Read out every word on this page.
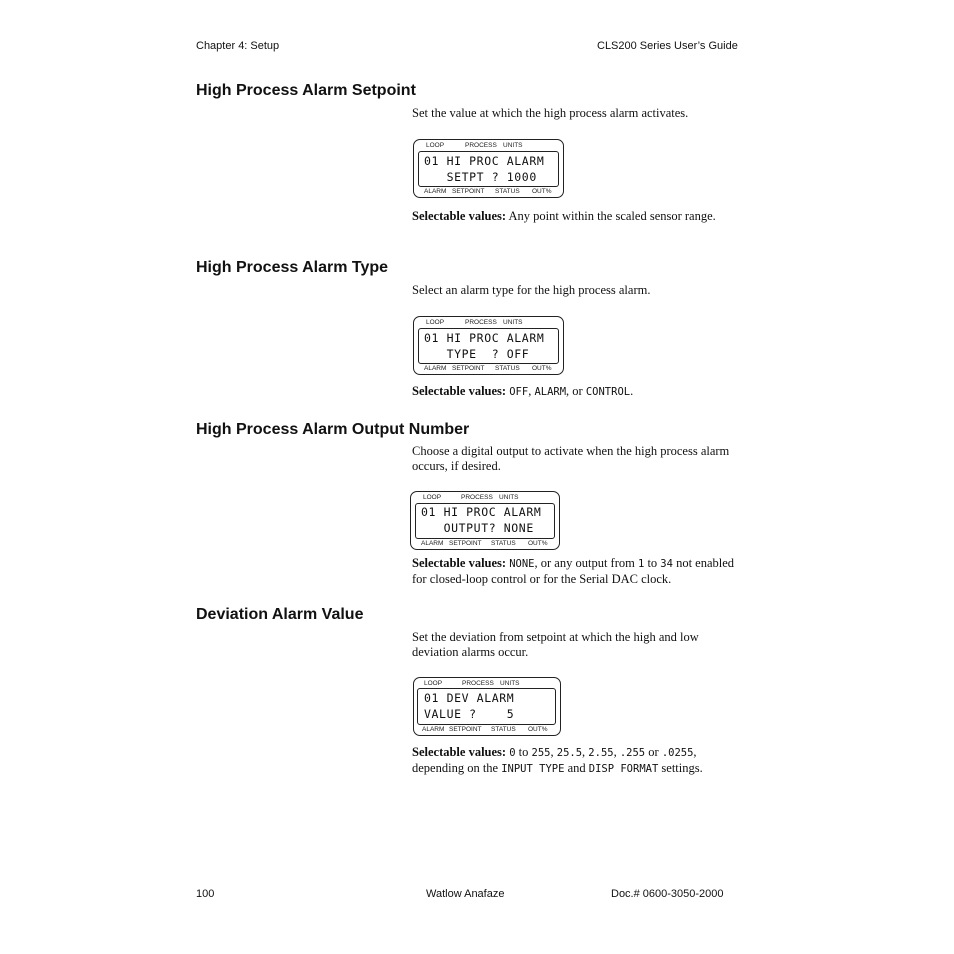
Chapter 4: Setup	CLS200 Series User’s Guide
High Process Alarm Setpoint
Set the value at which the high process alarm activates.
LOOP	PROCESS UNITS
01 HI PROC ALARM
SETPT ? 1000
ALARM SETPOINT STATUS OUT%
Selectable values: Any point within the scaled sensor range.
High Process Alarm Type
Select an alarm type for the high process alarm.
LOOP	PROCESS UNITS
01 HI PROC ALARM
TYPE  ? OFF
ALARM SETPOINT STATUS OUT%
Selectable values: OFF, ALARM, or CONTROL.
High Process Alarm Output Number
Choose a digital output to activate when the high process alarm occurs, if desired.
LOOP	PROCESS UNITS
01 HI PROC ALARM
OUTPUT? NONE
ALARM SETPOINT STATUS OUT%
Selectable values: NONE, or any output from 1 to 34 not enabled for closed-loop control or for the Serial DAC clock.
Deviation Alarm Value
Set the deviation from setpoint at which the high and low deviation alarms occur.
LOOP	PROCESS UNITS
01 DEV ALARM
VALUE ?    5
ALARM SETPOINT STATUS OUT%
Selectable values: 0 to 255, 25.5, 2.55, .255 or .0255, depending on the INPUT TYPE and DISP FORMAT settings.
100	Watlow Anafaze	Doc.# 0600-3050-2000
